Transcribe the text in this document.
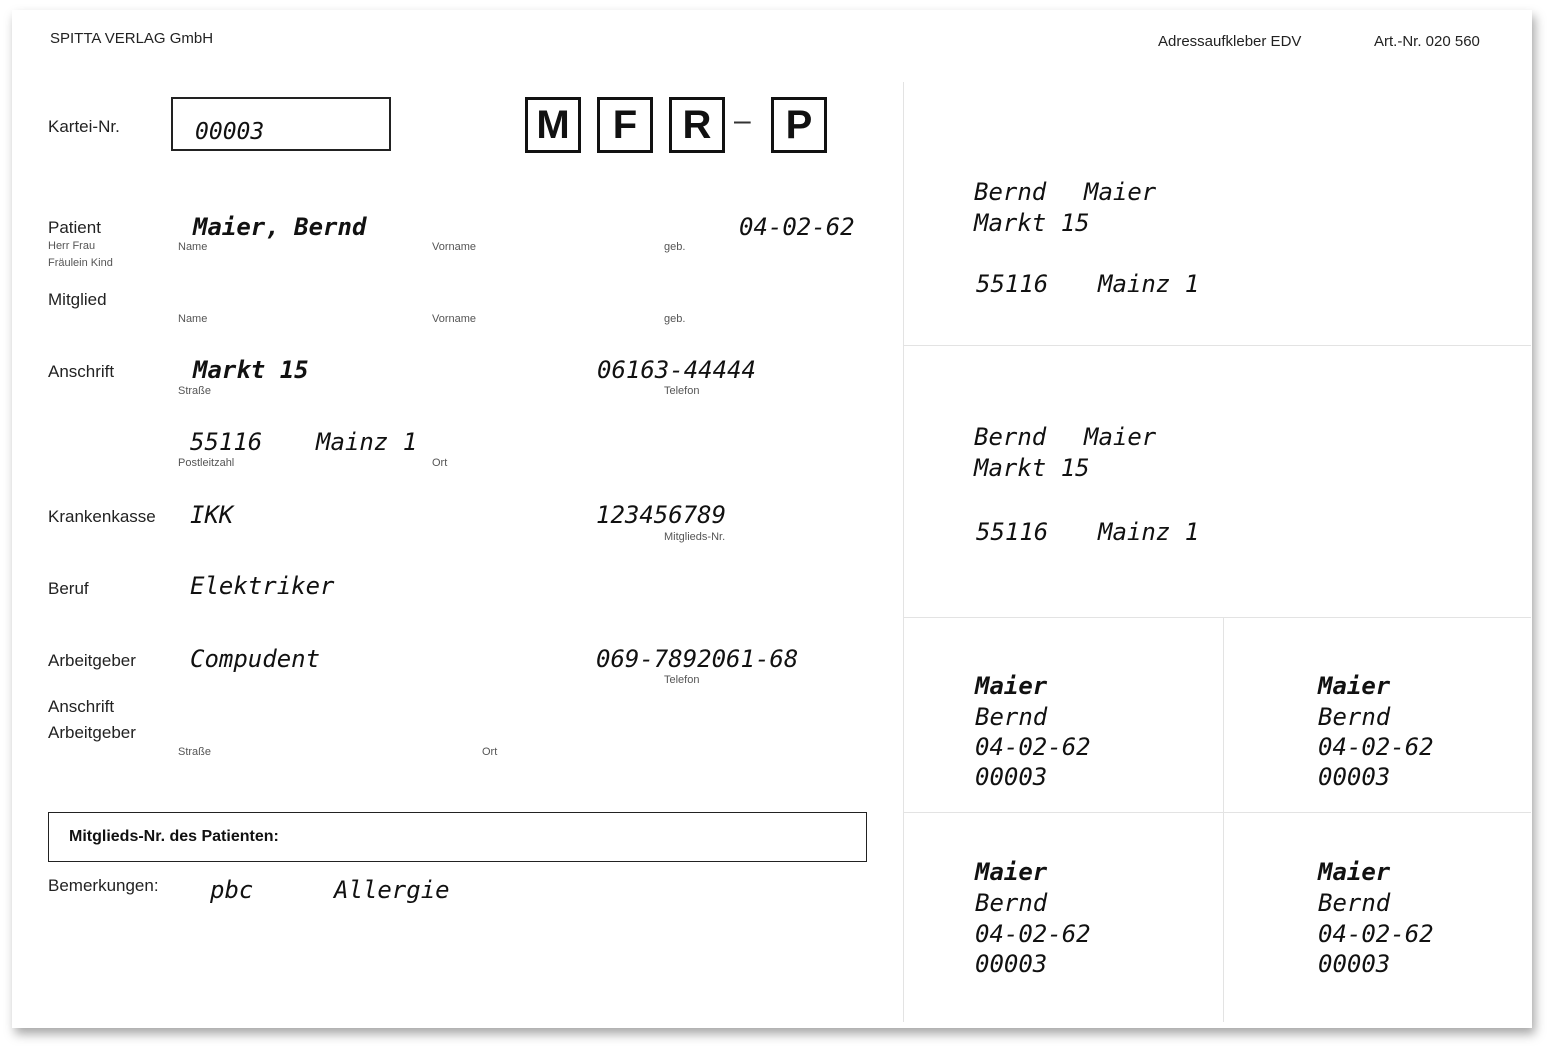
SPITTA VERLAG GmbH	Adressaufkleber EDV	Art.-Nr. 020 560
Kartei-Nr.	00003	M	F	R – P
Patient
Herr Frau
Fräulein Kind
Maier, Bernd	04-02-62
Name	Vorname	geb.
Mitglied
Name	Vorname	geb.
Anschrift	Markt 15
Straße
06163-44444
Telefon
55116 Mainz 1
Postleitzahl	Ort
Krankenkasse IKK	123456789
Mitglieds-Nr.
Beruf	Elektriker
Arbeitgeber Compudent	069-7892061-68
Telefon
Anschrift
Arbeitgeber
Straße	Ort
Mitglieds-Nr. des Patienten:
Bemerkungen: pbc	Allergie
Bernd Maier
Markt 15
55116 Mainz 1
Bernd Maier
Markt 15
55116 Mainz 1
Maier
Bernd
04-02-62
00003
Maier
Bernd
04-02-62
00003
Maier
Bernd
04-02-62
00003
Maier
Bernd
04-02-62
00003
